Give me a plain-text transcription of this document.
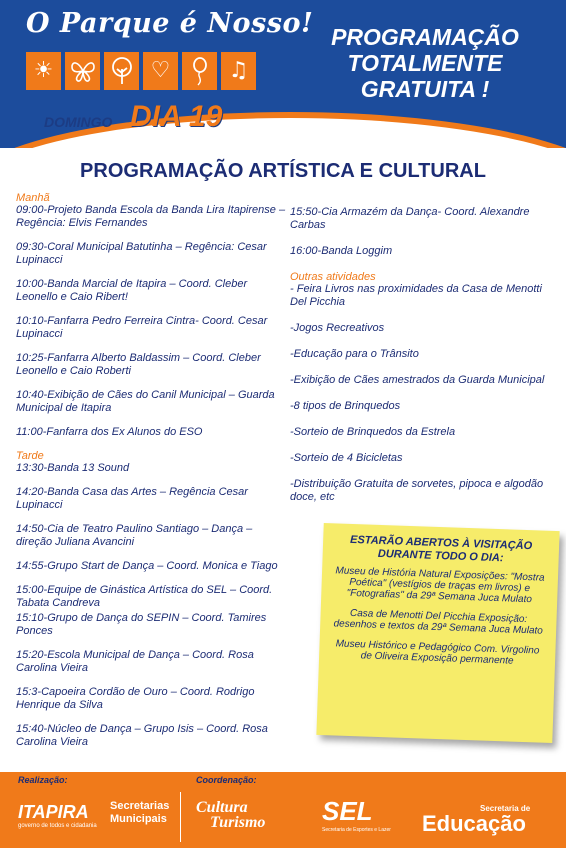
O Parque é Nosso!
☀	♡	♫
PROGRAMAÇÃO
TOTALMENTE
GRATUITA !
DOMINGO DIA 19
PROGRAMAÇÃO ARTÍSTICA E CULTURAL
Manhã
09:00-Projeto Banda Escola da Banda Lira Itapirense – Regência: Elvis Fernandes
09:30-Coral Municipal Batutinha – Regência: Cesar Lupinacci
10:00-Banda Marcial de Itapira – Coord. Cleber Leonello e Caio Ribert!
10:10-Fanfarra Pedro Ferreira Cintra- Coord. Cesar Lupinacci
10:25-Fanfarra Alberto Baldassim – Coord. Cleber Leonello e Caio Roberti
10:40-Exibição de Cães do Canil Municipal – Guarda Municipal de Itapira
11:00-Fanfarra dos Ex Alunos do ESO
Tarde
13:30-Banda 13 Sound
14:20-Banda Casa das Artes – Regência Cesar Lupinacci
14:50-Cia de Teatro Paulino Santiago – Dança – direção Juliana Avancini
14:55-Grupo Start de Dança – Coord. Monica e Tiago
15:00-Equipe de Ginástica Artística do SEL – Coord. Tabata Candreva
15:10-Grupo de Dança do SEPIN – Coord. Tamires Ponces
15:20-Escola Municipal de Dança – Coord. Rosa Carolina Vieira
15:3-Capoeira Cordão de Ouro – Coord. Rodrigo Henrique da Silva
15:40-Núcleo de Dança – Grupo Isis – Coord. Rosa Carolina Vieira
15:50-Cia Armazém da Dança- Coord. Alexandre Carbas
16:00-Banda Loggim
Outras atividades
- Feira Livros nas proximidades da Casa de Menotti Del Picchia
-Jogos Recreativos
-Educação para o Trânsito
-Exibição de Cães amestrados da Guarda Municipal
-8 tipos de Brinquedos
-Sorteio de Brinquedos da Estrela
-Sorteio de 4 Bicicletas
-Distribuição Gratuita de sorvetes, pipoca e algodão doce, etc
ESTARÃO ABERTOS À VISITAÇÃO DURANTE TODO O DIA:
Museu de História Natural Exposições: "Mostra Poética" (vestígios de traças em livros) e "Fotografias" da 29ª Semana Juca Mulato
Casa de Menotti Del Picchia Exposição: desenhos e textos da 29ª Semana Juca Mulato
Museu Histórico e Pedagógico Com. Virgolino de Oliveira Exposição permanente
Realização:	Coordenação:
ITAPIRA
governo de todos e cidadania
Secretarias
Municipais
Cultura
Turismo SEL
Secretaria de Esportes e Lazer
Secretaria de
Educação
